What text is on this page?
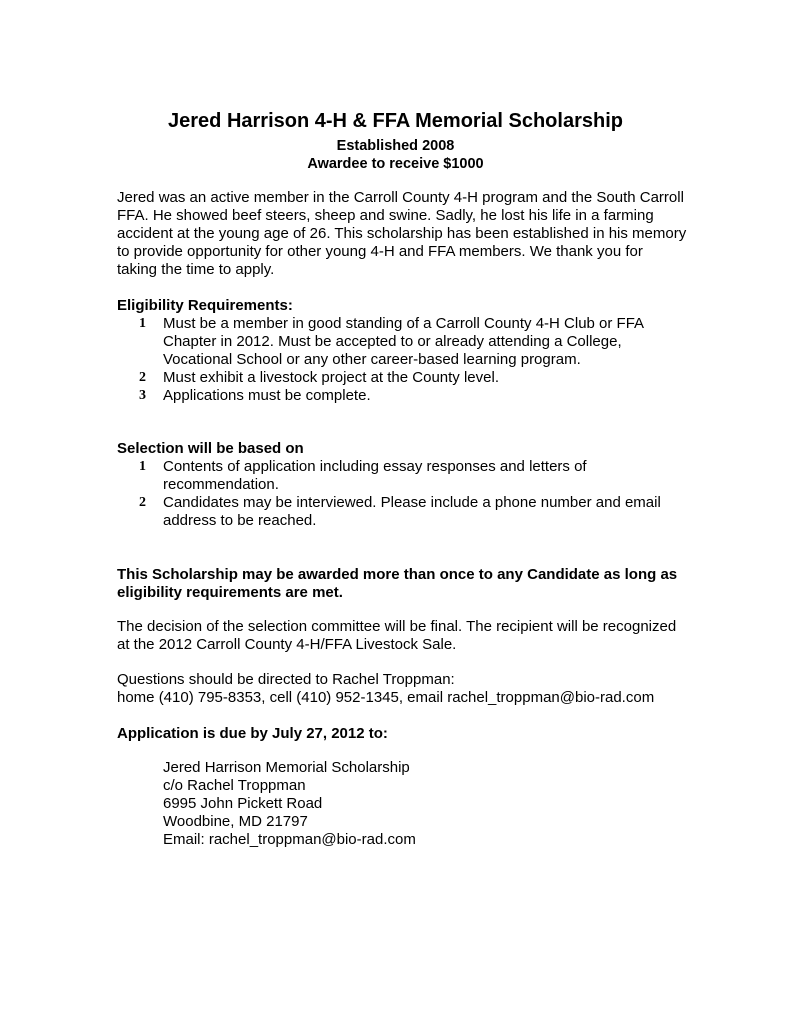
Jered Harrison 4-H & FFA Memorial Scholarship
Established 2008
Awardee to receive $1000
Jered was an active member in the Carroll County 4-H program and the South Carroll FFA. He showed beef steers, sheep and swine. Sadly, he lost his life in a farming accident at the young age of 26. This scholarship has been established in his memory to provide opportunity for other young 4-H and FFA members. We thank you for taking the time to apply.
Eligibility Requirements:
1 Must be a member in good standing of a Carroll County 4-H Club or FFA Chapter in 2012. Must be accepted to or already attending a College, Vocational School or any other career-based learning program.
2 Must exhibit a livestock project at the County level.
3 Applications must be complete.
Selection will be based on
1 Contents of application including essay responses and letters of recommendation.
2 Candidates may be interviewed. Please include a phone number and email address to be reached.
This Scholarship may be awarded more than once to any Candidate as long as eligibility requirements are met.
The decision of the selection committee will be final. The recipient will be recognized at the 2012 Carroll County 4-H/FFA Livestock Sale.
Questions should be directed to Rachel Troppman:
home (410) 795-8353, cell (410) 952-1345, email rachel_troppman@bio-rad.com
Application is due by July 27, 2012 to:
Jered Harrison Memorial Scholarship
c/o Rachel Troppman
6995 John Pickett Road
Woodbine, MD 21797
Email: rachel_troppman@bio-rad.com
